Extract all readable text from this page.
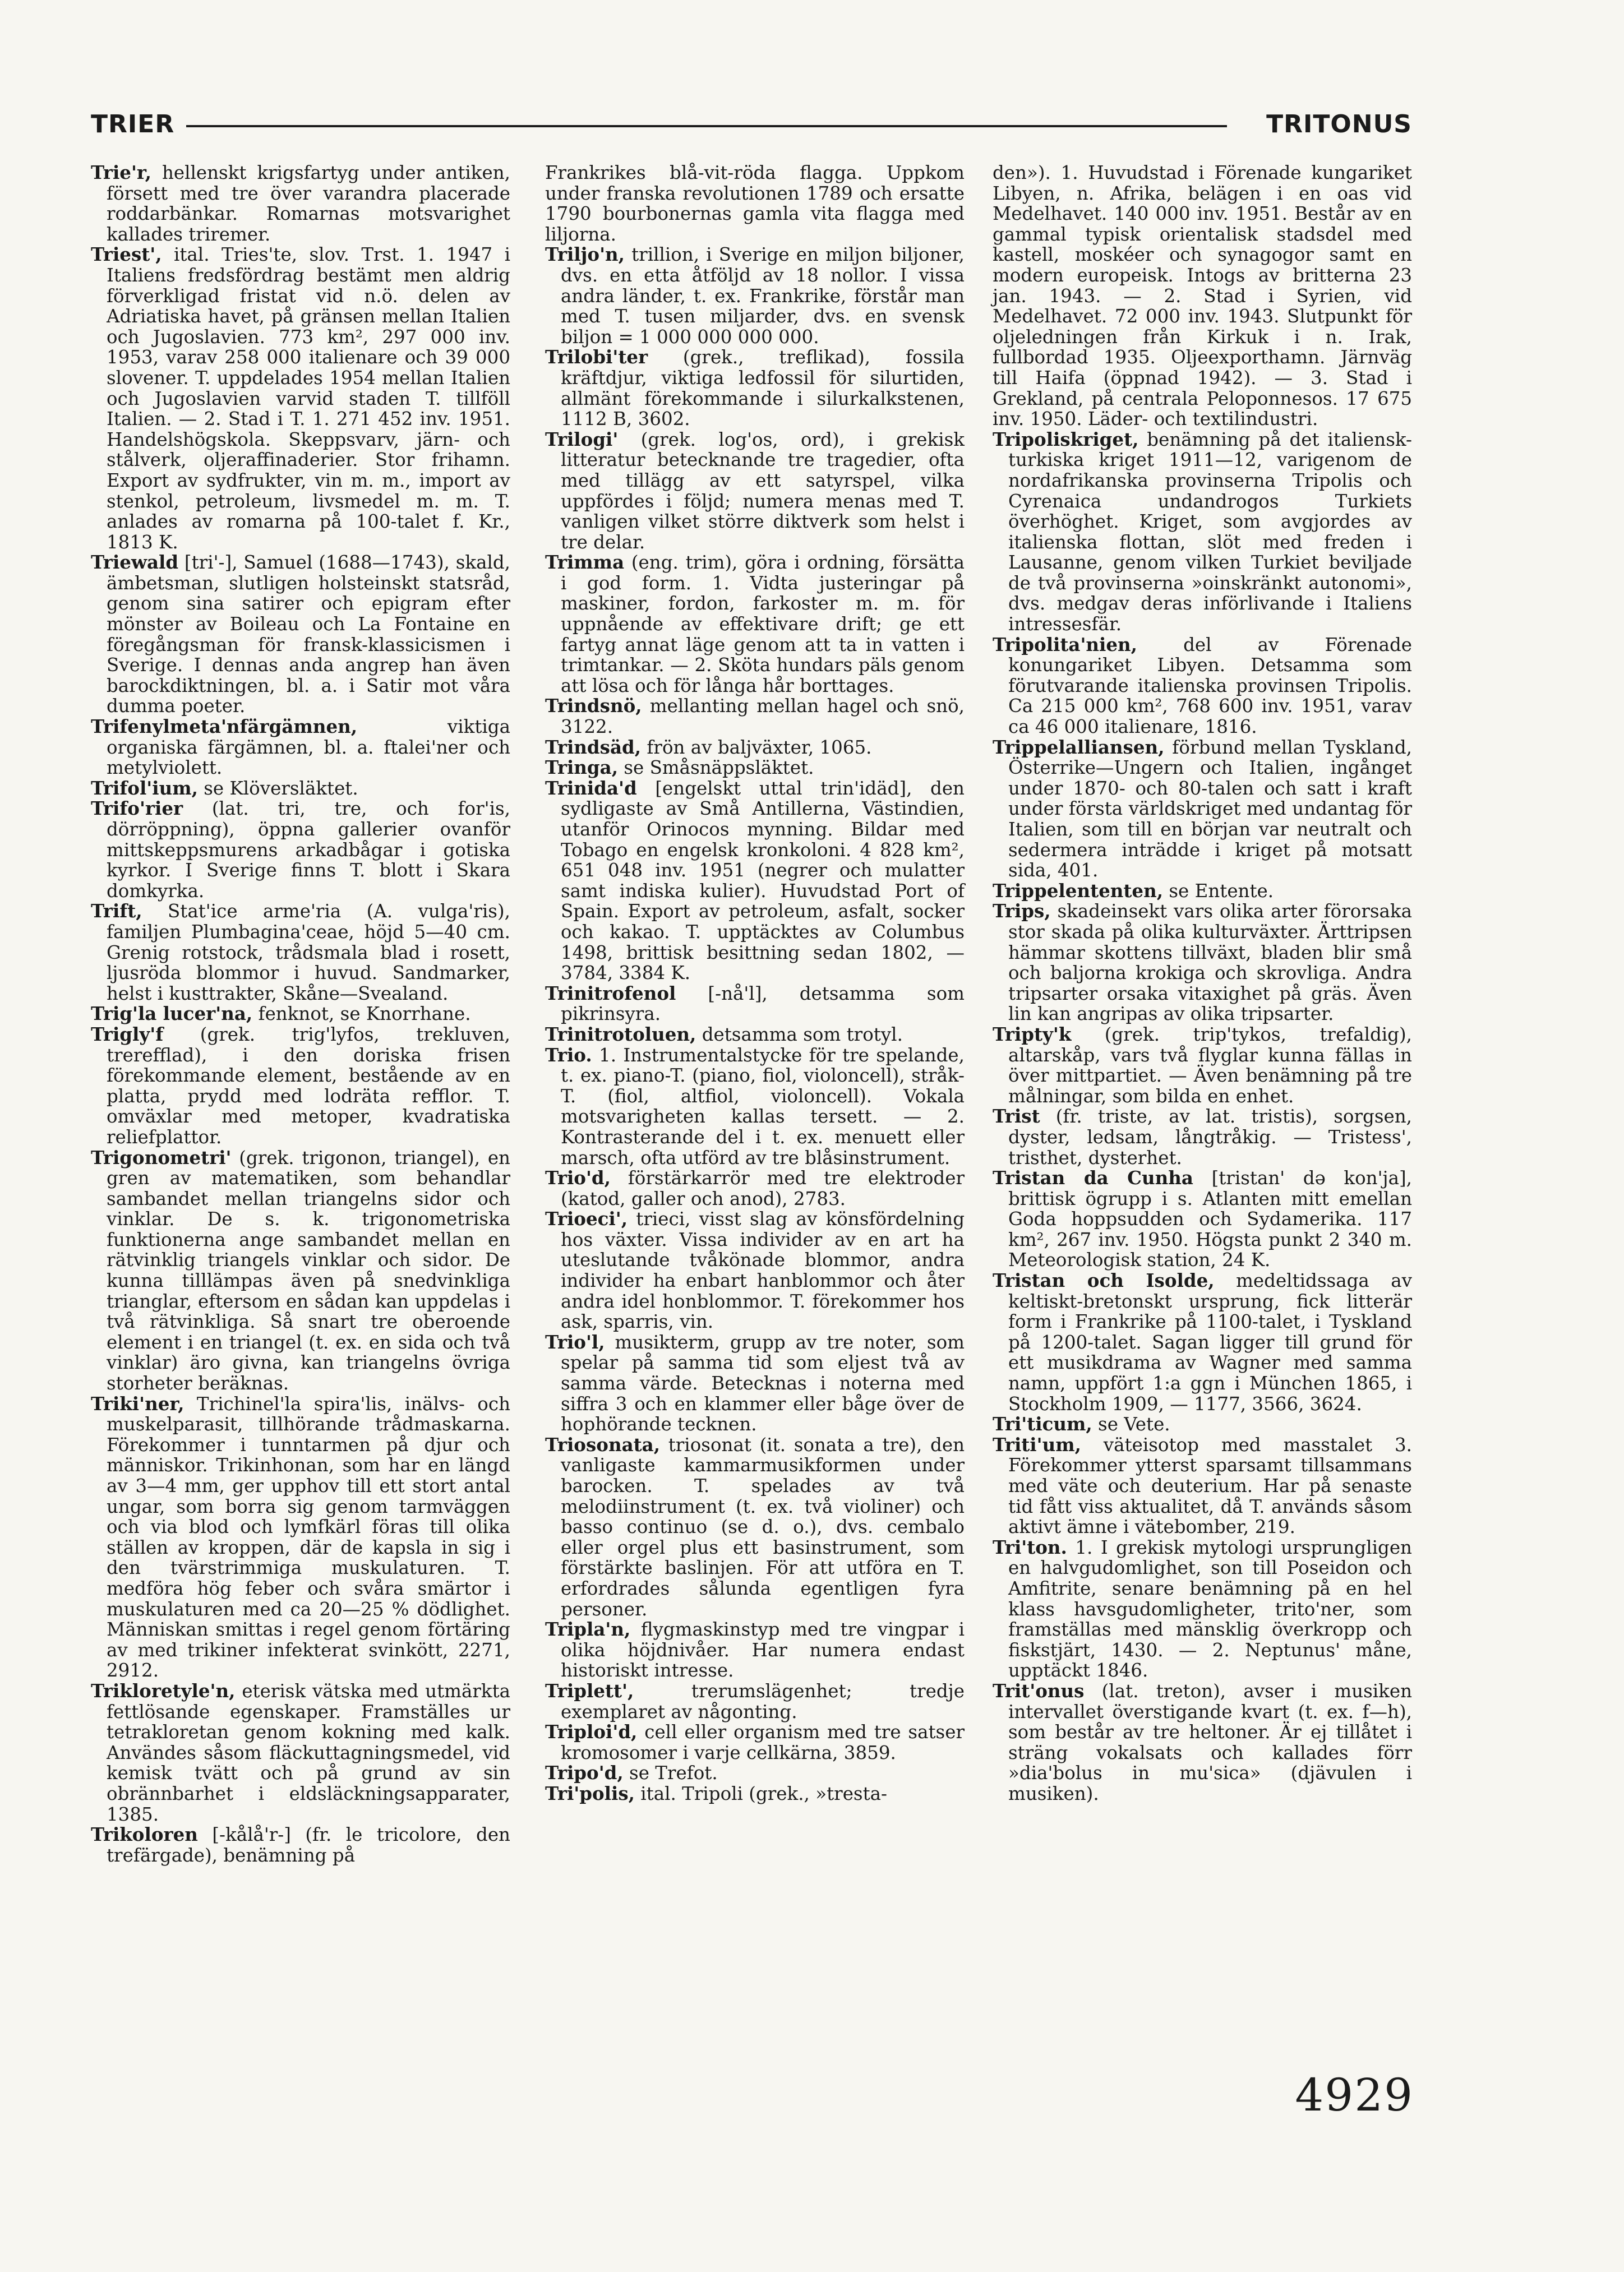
TRIER	TRITONUS

Trie'r, hellenskt krigsfartyg under antiken, försett med tre över varandra placerade roddarbänkar. Romarnas motsvarighet kallades triremer.

Triest', ital. Tries'te, slov. Trst. 1. 1947 i Italiens fredsfördrag bestämt men aldrig förverkligad fristat vid n.ö. delen av Adriatiska havet, på gränsen mellan Italien och Jugoslavien. 773 km², 297 000 inv. 1953, varav 258 000 italienare och 39 000 slovener. T. uppdelades 1954 mellan Italien och Jugoslavien varvid staden T. tillföll Italien. — 2. Stad i T. 1. 271 452 inv. 1951. Handelshögskola. Skeppsvarv, järn- och stålverk, oljeraffinaderier. Stor frihamn. Export av sydfrukter, vin m. m., import av stenkol, petroleum, livsmedel m. m. T. anlades av romarna på 100-talet f. Kr., 1813 K.

Triewald [tri'-], Samuel (1688—1743), skald, ämbetsman, slutligen holsteinskt statsråd, genom sina satirer och epigram efter mönster av Boileau och La Fontaine en föregångsman för fransk-klassicismen i Sverige. I dennas anda angrep han även barockdiktningen, bl. a. i Satir mot våra dumma poeter.

Trifenylmeta'nfärgämnen, viktiga organiska färgämnen, bl. a. ftalei'ner och metylviolett.

Trifol'ium, se Klöversläktet.

Trifo'rier (lat. tri, tre, och for'is, dörröppning), öppna gallerier ovanför mittskeppsmurens arkadbågar i gotiska kyrkor. I Sverige finns T. blott i Skara domkyrka.

Trift, Stat'ice arme'ria (A. vulga'ris), familjen Plumbagina'ceae, höjd 5—40 cm. Grenig rotstock, trådsmala blad i rosett, ljusröda blommor i huvud. Sandmarker, helst i kusttrakter, Skåne—Svealand.

Trig'la lucer'na, fenknot, se Knorrhane.

Trigly'f (grek. trig'lyfos, trekluven, trerefflad), i den doriska frisen förekommande element, bestående av en platta, prydd med lodräta refflor. T. omväxlar med metoper, kvadratiska reliefplattor.

Trigonometri' (grek. trigonon, triangel), en gren av matematiken, som behandlar sambandet mellan triangelns sidor och vinklar. De s. k. trigonometriska funktionerna ange sambandet mellan en rätvinklig triangels vinklar och sidor. De kunna tilllämpas även på snedvinkliga trianglar, eftersom en sådan kan uppdelas i två rätvinkliga. Så snart tre oberoende element i en triangel (t. ex. en sida och två vinklar) äro givna, kan triangelns övriga storheter beräknas.

Triki'ner, Trichinel'la spira'lis, inälvs- och muskelparasit, tillhörande trådmaskarna. Förekommer i tunntarmen på djur och människor. Trikinhonan, som har en längd av 3—4 mm, ger upphov till ett stort antal ungar, som borra sig genom tarmväggen och via blod och lymfkärl föras till olika ställen av kroppen, där de kapsla in sig i den tvärstrimmiga muskulaturen. T. medföra hög feber och svåra smärtor i muskulaturen med ca 20—25 % dödlighet. Människan smittas i regel genom förtäring av med trikiner infekterat svinkött, 2271, 2912.

Trikloretyle'n, eterisk vätska med utmärkta fettlösande egenskaper. Framställes ur tetrakloretan genom kokning med kalk. Användes såsom fläckuttagningsmedel, vid kemisk tvätt och på grund av sin obrännbarhet i eldsläckningsapparater, 1385.

Trikoloren [-kålå'r-] (fr. le tricolore, den trefärgade), benämning på

Frankrikes blå-vit-röda flagga. Uppkom under franska revolutionen 1789 och ersatte 1790 bourbonernas gamla vita flagga med liljorna.

Triljo'n, trillion, i Sverige en miljon biljoner, dvs. en etta åtföljd av 18 nollor. I vissa andra länder, t. ex. Frankrike, förstår man med T. tusen miljarder, dvs. en svensk biljon = 1 000 000 000 000.

Trilobi'ter (grek., treflikad), fossila kräftdjur, viktiga ledfossil för silurtiden, allmänt förekommande i silurkalkstenen, 1112 B, 3602.

Trilogi' (grek. log'os, ord), i grekisk litteratur betecknande tre tragedier, ofta med tillägg av ett satyrspel, vilka uppfördes i följd; numera menas med T. vanligen vilket större diktverk som helst i tre delar.

Trimma (eng. trim), göra i ordning, försätta i god form. 1. Vidta justeringar på maskiner, fordon, farkoster m. m. för uppnående av effektivare drift; ge ett fartyg annat läge genom att ta in vatten i trimtankar. — 2. Sköta hundars päls genom att lösa och för långa hår borttages.

Trindsnö, mellanting mellan hagel och snö, 3122.

Trindsäd, frön av baljväxter, 1065.

Tringa, se Småsnäppsläktet.

Trinida'd [engelskt uttal trin'idäd], den sydligaste av Små Antillerna, Västindien, utanför Orinocos mynning. Bildar med Tobago en engelsk kronkoloni. 4 828 km², 651 048 inv. 1951 (negrer och mulatter samt indiska kulier). Huvudstad Port of Spain. Export av petroleum, asfalt, socker och kakao. T. upptäcktes av Columbus 1498, brittisk besittning sedan 1802, — 3784, 3384 K.

Trinitrofenol [-nå'l], detsamma som pikrinsyra.

Trinitrotoluen, detsamma som trotyl.

Trio. 1. Instrumentalstycke för tre spelande, t. ex. piano-T. (piano, fiol, violoncell), stråk-T. (fiol, altfiol, violoncell). Vokala motsvarigheten kallas tersett. — 2. Kontrasterande del i t. ex. menuett eller marsch, ofta utförd av tre blåsinstrument.

Trio'd, förstärkarrör med tre elektroder (katod, galler och anod), 2783.

Trioeci', trieci, visst slag av könsfördelning hos växter. Vissa individer av en art ha uteslutande tvåkönade blommor, andra individer ha enbart hanblommor och åter andra idel honblommor. T. förekommer hos ask, sparris, vin.

Trio'l, musikterm, grupp av tre noter, som spelar på samma tid som eljest två av samma värde. Betecknas i noterna med siffra 3 och en klammer eller båge över de hophörande tecknen.

Triosonata, triosonat (it. sonata a tre), den vanligaste kammarmusikformen under barocken. T. spelades av två melodiinstrument (t. ex. två violiner) och basso continuo (se d. o.), dvs. cembalo eller orgel plus ett basinstrument, som förstärkte baslinjen. För att utföra en T. erfordrades sålunda egentligen fyra personer.

Tripla'n, flygmaskinstyp med tre vingpar i olika höjdnivåer. Har numera endast historiskt intresse.

Triplett', trerumslägenhet; tredje exemplaret av någonting.

Triploi'd, cell eller organism med tre satser kromosomer i varje cellkärna, 3859.

Tripo'd, se Trefot.

Tri'polis, ital. Tripoli (grek., »tresta-

den»). 1. Huvudstad i Förenade kungariket Libyen, n. Afrika, belägen i en oas vid Medelhavet. 140 000 inv. 1951. Består av en gammal typisk orientalisk stadsdel med kastell, moskéer och synagogor samt en modern europeisk. Intogs av britterna 23 jan. 1943. — 2. Stad i Syrien, vid Medelhavet. 72 000 inv. 1943. Slutpunkt för oljeledningen från Kirkuk i n. Irak, fullbordad 1935. Oljeexporthamn. Järnväg till Haifa (öppnad 1942). — 3. Stad i Grekland, på centrala Peloponnesos. 17 675 inv. 1950. Läder- och textilindustri.

Tripoliskriget, benämning på det italiensk-turkiska kriget 1911—12, varigenom de nordafrikanska provinserna Tripolis och Cyrenaica undandrogos Turkiets överhöghet. Kriget, som avgjordes av italienska flottan, slöt med freden i Lausanne, genom vilken Turkiet beviljade de två provinserna »oinskränkt autonomi», dvs. medgav deras införlivande i Italiens intressesfär.

Tripolita'nien, del av Förenade konungariket Libyen. Detsamma som förutvarande italienska provinsen Tripolis. Ca 215 000 km², 768 600 inv. 1951, varav ca 46 000 italienare, 1816.

Trippelalliansen, förbund mellan Tyskland, Österrike—Ungern och Italien, ingånget under 1870- och 80-talen och satt i kraft under första världskriget med undantag för Italien, som till en början var neutralt och sedermera inträdde i kriget på motsatt sida, 401.

Trippelententen, se Entente.

Trips, skadeinsekt vars olika arter förorsaka stor skada på olika kulturväxter. Ärttripsen hämmar skottens tillväxt, bladen blir små och baljorna krokiga och skrovliga. Andra tripsarter orsaka vitaxighet på gräs. Även lin kan angripas av olika tripsarter.

Tripty'k (grek. trip'tykos, trefaldig), altarskåp, vars två flyglar kunna fällas in över mittpartiet. — Även benämning på tre målningar, som bilda en enhet.

Trist (fr. triste, av lat. tristis), sorgsen, dyster, ledsam, långtråkig. — Tristess', tristhet, dysterhet.

Tristan da Cunha [tristan' də kon'ja], brittisk ögrupp i s. Atlanten mitt emellan Goda hoppsudden och Sydamerika. 117 km², 267 inv. 1950. Högsta punkt 2 340 m. Meteorologisk station, 24 K.

Tristan och Isolde, medeltidssaga av keltiskt-bretonskt ursprung, fick litterär form i Frankrike på 1100-talet, i Tyskland på 1200-talet. Sagan ligger till grund för ett musikdrama av Wagner med samma namn, uppfört 1:a ggn i München 1865, i Stockholm 1909, — 1177, 3566, 3624.

Tri'ticum, se Vete.

Triti'um, väteisotop med masstalet 3. Förekommer ytterst sparsamt tillsammans med väte och deuterium. Har på senaste tid fått viss aktualitet, då T. används såsom aktivt ämne i vätebomber, 219.

Tri'ton. 1. I grekisk mytologi ursprungligen en halvgudomlighet, son till Poseidon och Amfitrite, senare benämning på en hel klass havsgudomligheter, trito'ner, som framställas med mänsklig överkropp och fiskstjärt, 1430. — 2. Neptunus' måne, upptäckt 1846.

Trit'onus (lat. treton), avser i musiken intervallet överstigande kvart (t. ex. f—h), som består av tre heltoner. Är ej tillåtet i sträng vokalsats och kallades förr »dia'bolus in mu'sica» (djävulen i musiken).

4929
